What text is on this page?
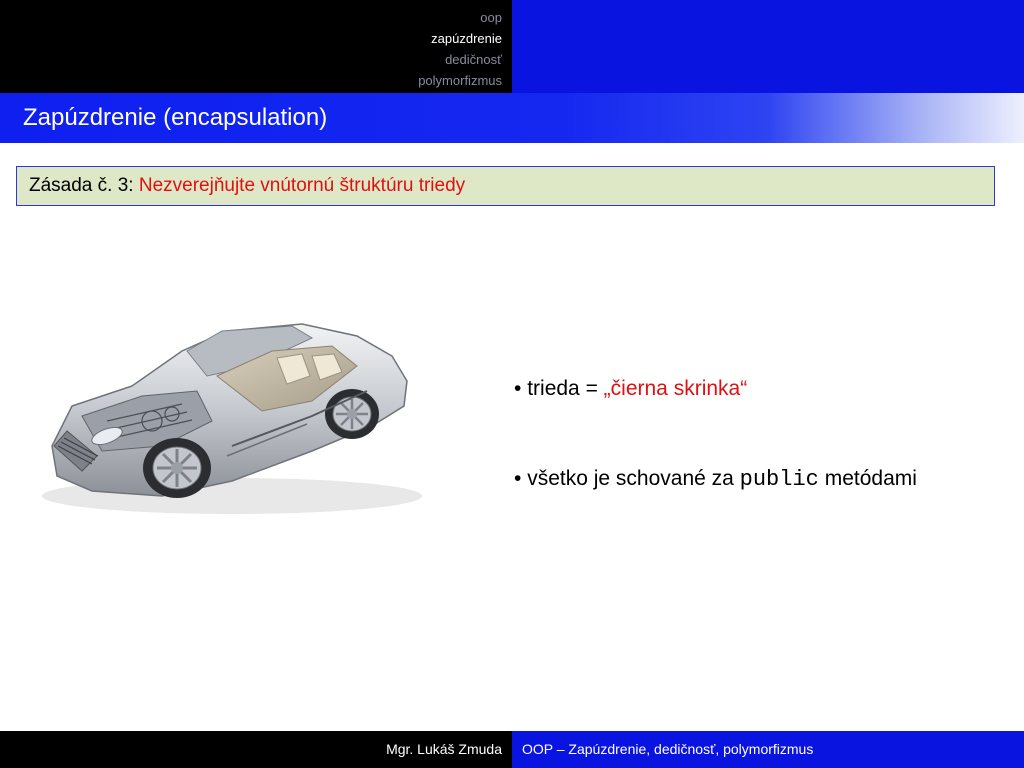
oop
zapúzdrenie
dedičnosť
polymorfizmus
Zapúzdrenie (encapsulation)
Zásada č. 3: Nezverejňujte vnútornú štruktúru triedy
• trieda = „čierna skrinka“
• všetko je schované za public metódami
Mgr. Lukáš Zmuda	OOP – Zapúzdrenie, dedičnosť, polymorfizmus
